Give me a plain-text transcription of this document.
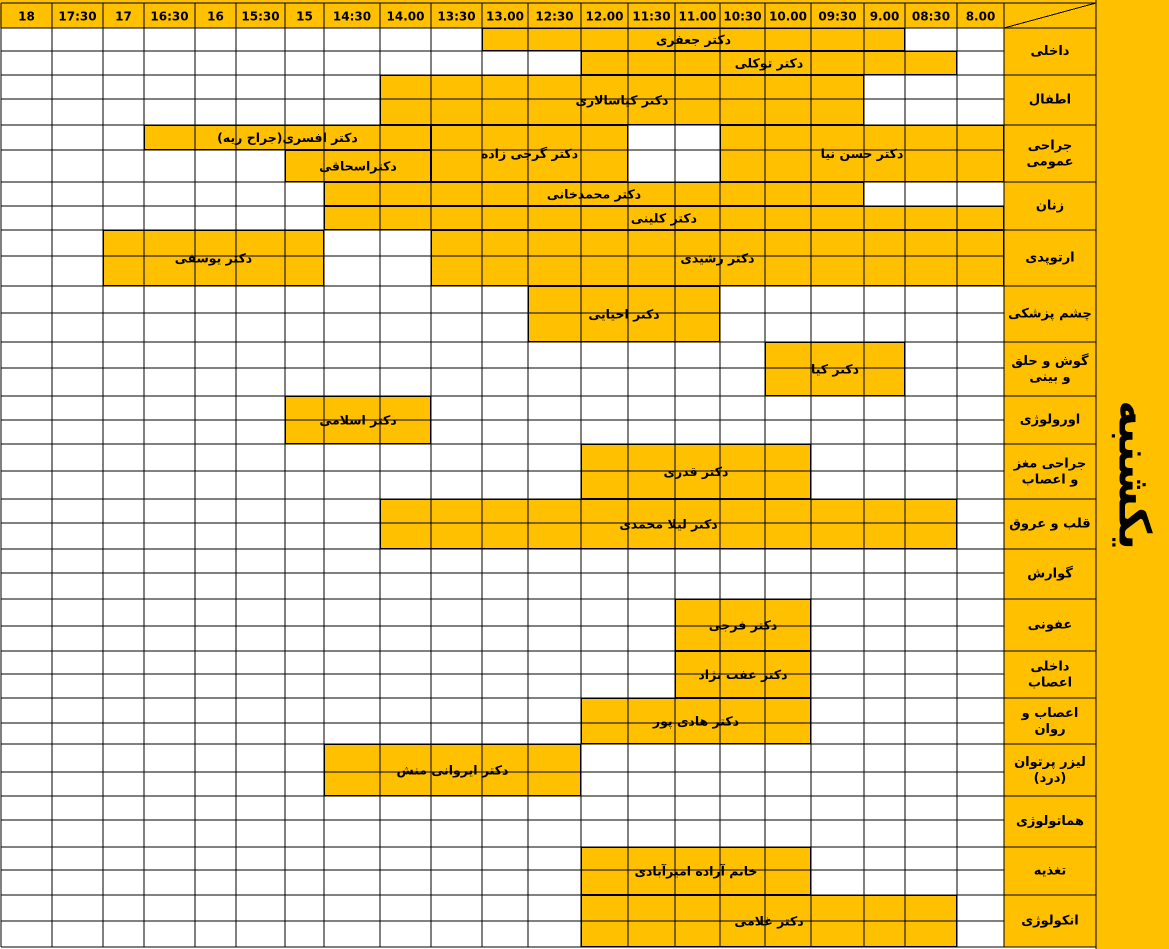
8.00
08:30
9.00
09:30
10.00
10:30
11.00
11:30
12.00
12:30
13.00
13:30
14.00
14:30
15
15:30
16
16:30
17
17:30
18
داخلی
اطفال
جراحی عمومی
زنان
ارتوپدی
چشم پزشکی
گوش و حلق و بینی
اورولوژی
جراحی مغز و اعصاب
قلب و عروق
گوارش
عفونی
داخلی اعصاب
اعصاب و روان
لیزر پرتوان (درد)
هماتولوژی
تغذیه
انکولوژی
دکتر جعفری
دکتر توکلی
دکتر کیاسالاری
دکتر حسن نیا
دکتر گرجی زاده
دکتر افسری(جراح ریه)
دکتراسحاقی
دکتر محمدخانی
دکتر کلینی
دکتر رشیدی
دکتر یوسفی
دکتر احیایی
دکتر کیا
دکتر اسلامی
دکتر قدری
دکتر لیلا محمدی
دکتر فرجی
دکتر عفت نژاد
دکتر هادی پور
دکتر ایروانی منش
خانم آزاده امیرآبادی
دکتر غلامی
یکشنبه
